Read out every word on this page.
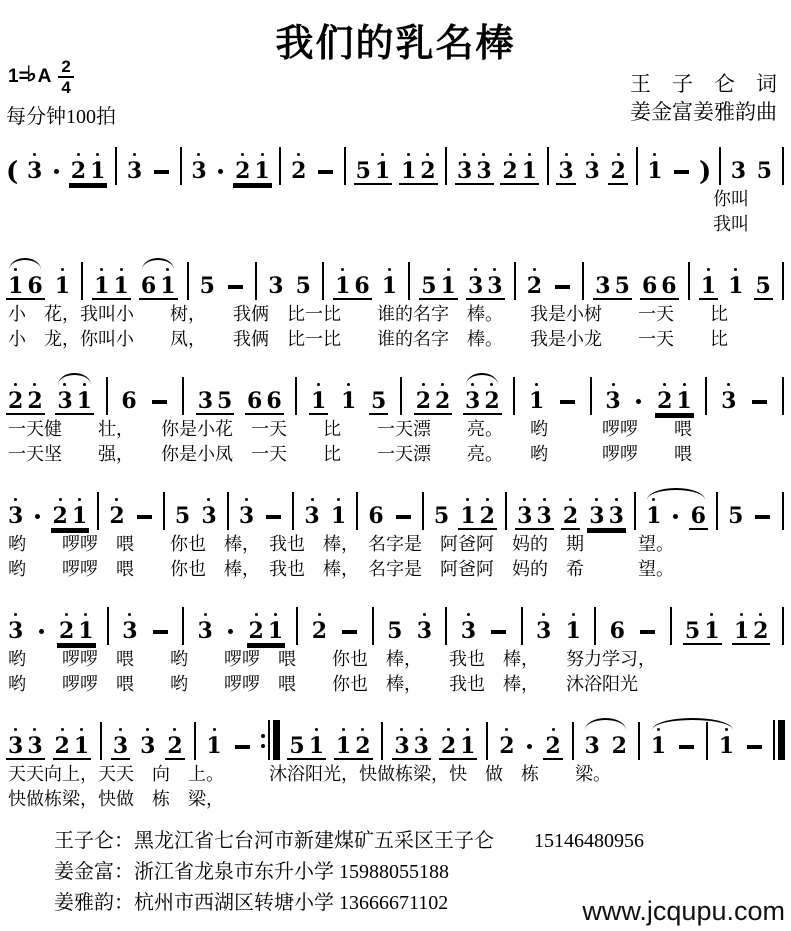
我们的乳名棒
1=
♭ A $\frac{2}{4}$
每分钟100拍
王　子　仑　词
姜金富姜雅韵曲
( 3 2 1 3 3 2 1 2 5 1 1 2 3 3 2 1 3 3 2 1 ) 3 5
你叫
我叫
1 6 1 1 1 6 1 5 3 5 1 6 1 5 1 3 3 2 3 5 6 6 1 1 5
小　花，我叫小　　树，　　我俩　比一比　　谁的名字　棒。　　我是小树　　一天　　比
小　龙，你叫小　　凤，　　我俩　比一比　　谁的名字　棒。　　我是小龙　　一天　　比
2 2 3 1 6	3 5 6 6 1 1 5 2 2 3 2 1	3 2 1 3
一天健　　壮，　　你是小花　一天　　比　　一天漂　　亮。　　哟　　　啰啰　　喂
一天坚　　强，　　你是小凤　一天　　比　　一天漂　　亮。　　哟　　　啰啰　　喂
3 2 1 2 5 3 3 3 1 6 5 1 2 3 3 2 3 3 1 6 5
哟　　啰啰　喂　　你也　棒，　我也　棒，　名字是　阿爸阿　妈的　期　　　望。
哟　　啰啰　喂　　你也　棒，　我也　棒，　名字是　阿爸阿　妈的　希　　　望。
3 2 1 3	3 2 1 2	5 3 3	3 1 6	5 1 1 2
哟　　啰啰　喂　　哟　　啰啰　喂　　你也　棒，　　我也　棒，　　努力学习，
哟　　啰啰　喂　　哟　　啰啰　喂　　你也　棒，　　我也　棒，　　沐浴阳光
3 3 2 1 3 3 2 1	5 1 1 2 3 3 2 1 2 2 3 2 1 1
天天向上，天天　向　上。　　　沐浴阳光，快做栋梁，快　做　栋　　梁。
快做栋梁，快做　栋　梁，
王子仑：黑龙江省七台河市新建煤矿五采区王子仑　　15146480956
姜金富：浙江省龙泉市东升小学 15988055188
姜雅韵：杭州市西湖区转塘小学 13666671102	www.jcqupu.com
